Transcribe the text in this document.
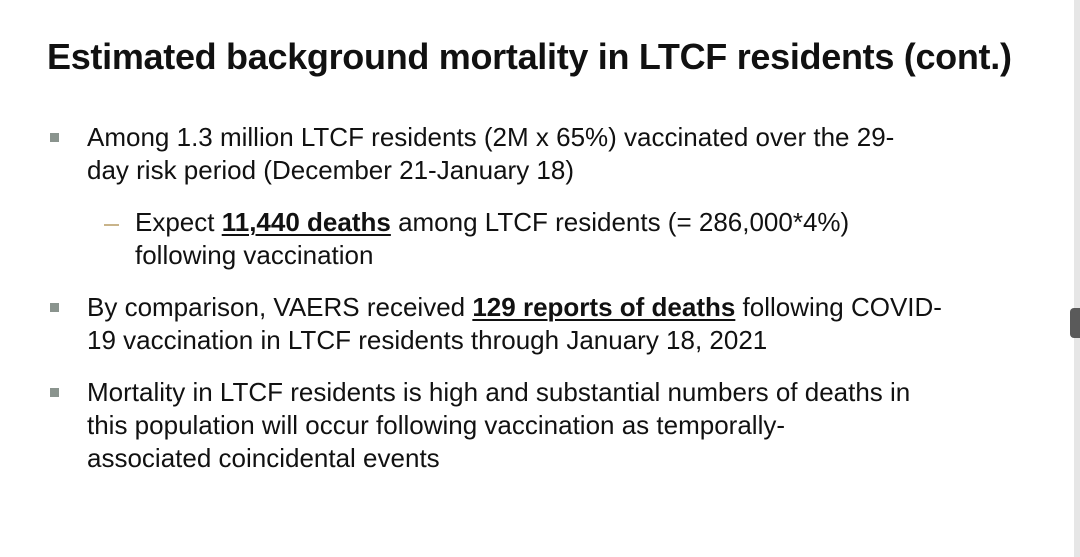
Estimated background mortality in LTCF residents (cont.)
Among 1.3 million LTCF residents (2M x 65%) vaccinated over the 29-
day risk period (December 21-January 18)
Expect 11,440 deaths among LTCF residents (= 286,000*4%)
following vaccination
By comparison, VAERS received 129 reports of deaths following COVID-
19 vaccination in LTCF residents through January 18, 2021
Mortality in LTCF residents is high and substantial numbers of deaths in
this population will occur following vaccination as temporally-
associated coincidental events
